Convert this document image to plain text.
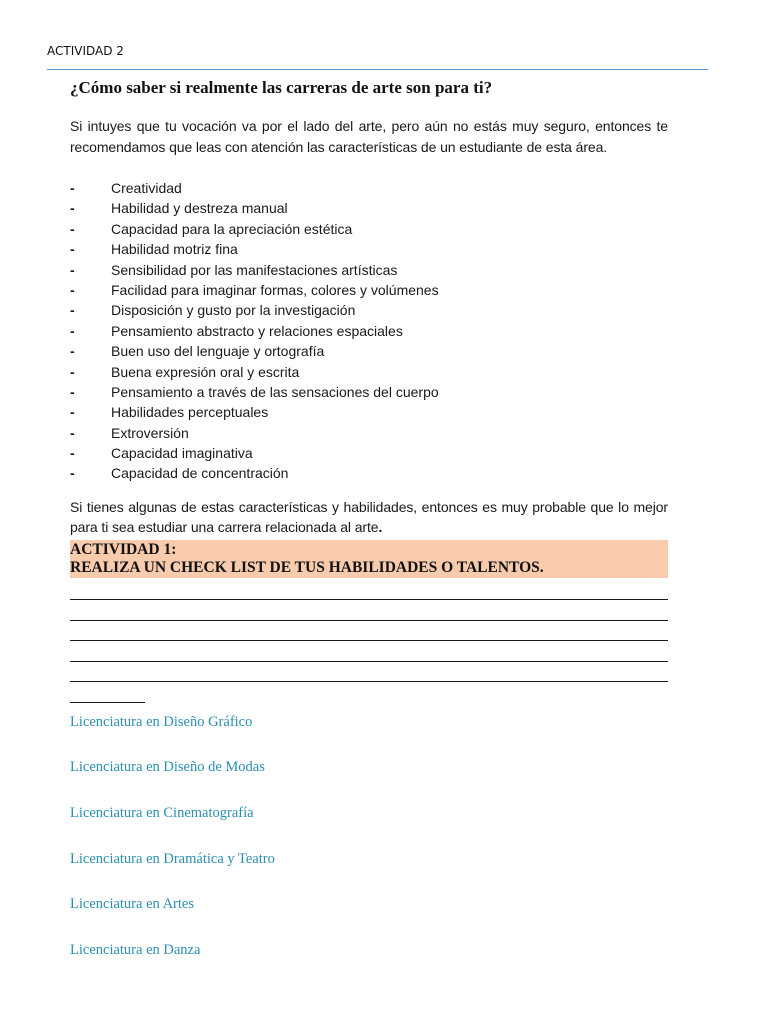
ACTIVIDAD 2
¿Cómo saber si realmente las carreras de arte son para ti?

Si intuyes que tu vocación va por el lado del arte, pero aún no estás muy seguro, entonces te recomendamos que leas con atención las características de un estudiante de esta área.

-	Creatividad
-	Habilidad y destreza manual
-	Capacidad para la apreciación estética
-	Habilidad motriz fina
-	Sensibilidad por las manifestaciones artísticas
-	Facilidad para imaginar formas, colores y volúmenes
-	Disposición y gusto por la investigación
-	Pensamiento abstracto y relaciones espaciales
-	Buen uso del lenguaje y ortografía
-	Buena expresión oral y escrita
-	Pensamiento a través de las sensaciones del cuerpo
-	Habilidades perceptuales
-	Extroversión
-	Capacidad imaginativa
-	Capacidad de concentración

Si tienes algunas de estas características y habilidades, entonces es muy probable que lo mejor para ti sea estudiar una carrera relacionada al arte.

ACTIVIDAD 1:
REALIZA UN CHECK LIST DE TUS HABILIDADES O TALENTOS.
Licenciatura en Diseño Gráfico
Licenciatura en Diseño de Modas
Licenciatura en Cinematografía
Licenciatura en Dramática y Teatro
Licenciatura en Artes
Licenciatura en Danza
